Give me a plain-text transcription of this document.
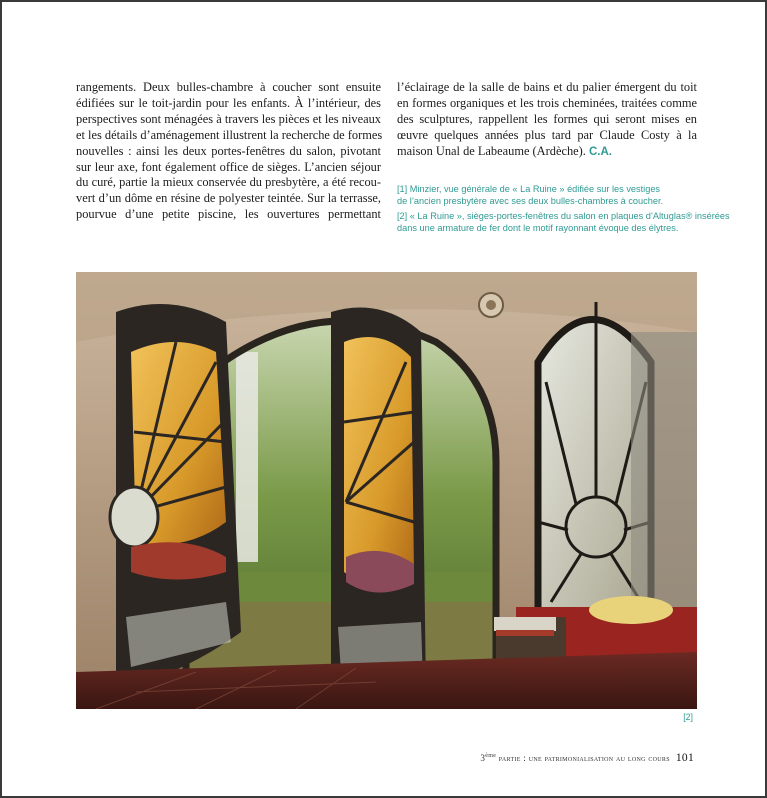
rangements. Deux bulles-chambre à coucher sont ensuite
édifiées sur le toit-jardin pour les enfants. À l’intérieur, des
perspectives sont ménagées à travers les pièces et les niveaux
et les détails d’aménagement illustrent la recherche de formes
nouvelles : ainsi les deux portes-fenêtres du salon, pivotant
sur leur axe, font également office de sièges. L’ancien séjour
du curé, partie la mieux conservée du presbytère, a été recou-
vert d’un dôme en résine de polyester teintée. Sur la terrasse,
pourvue d’une petite piscine, les ouvertures permettant
l’éclairage de la salle de bains et du palier émergent du toit
en formes organiques et les trois cheminées, traitées comme
des sculptures, rappellent les formes qui seront mises en
œuvre quelques années plus tard par Claude Costy à la
maison Unal de Labeaume (Ardèche). C.A.
[1] Minzier, vue générale de « La Ruine » édifiée sur les vestiges
de l’ancien presbytère avec ses deux bulles-chambres à coucher.
[2] « La Ruine », sièges-portes-fenêtres du salon en plaques d’Altuglas® insérées
dans une armature de fer dont le motif rayonnant évoque des élytres.
[2]
3ème partie : une patrimonialisation au long cours 101
